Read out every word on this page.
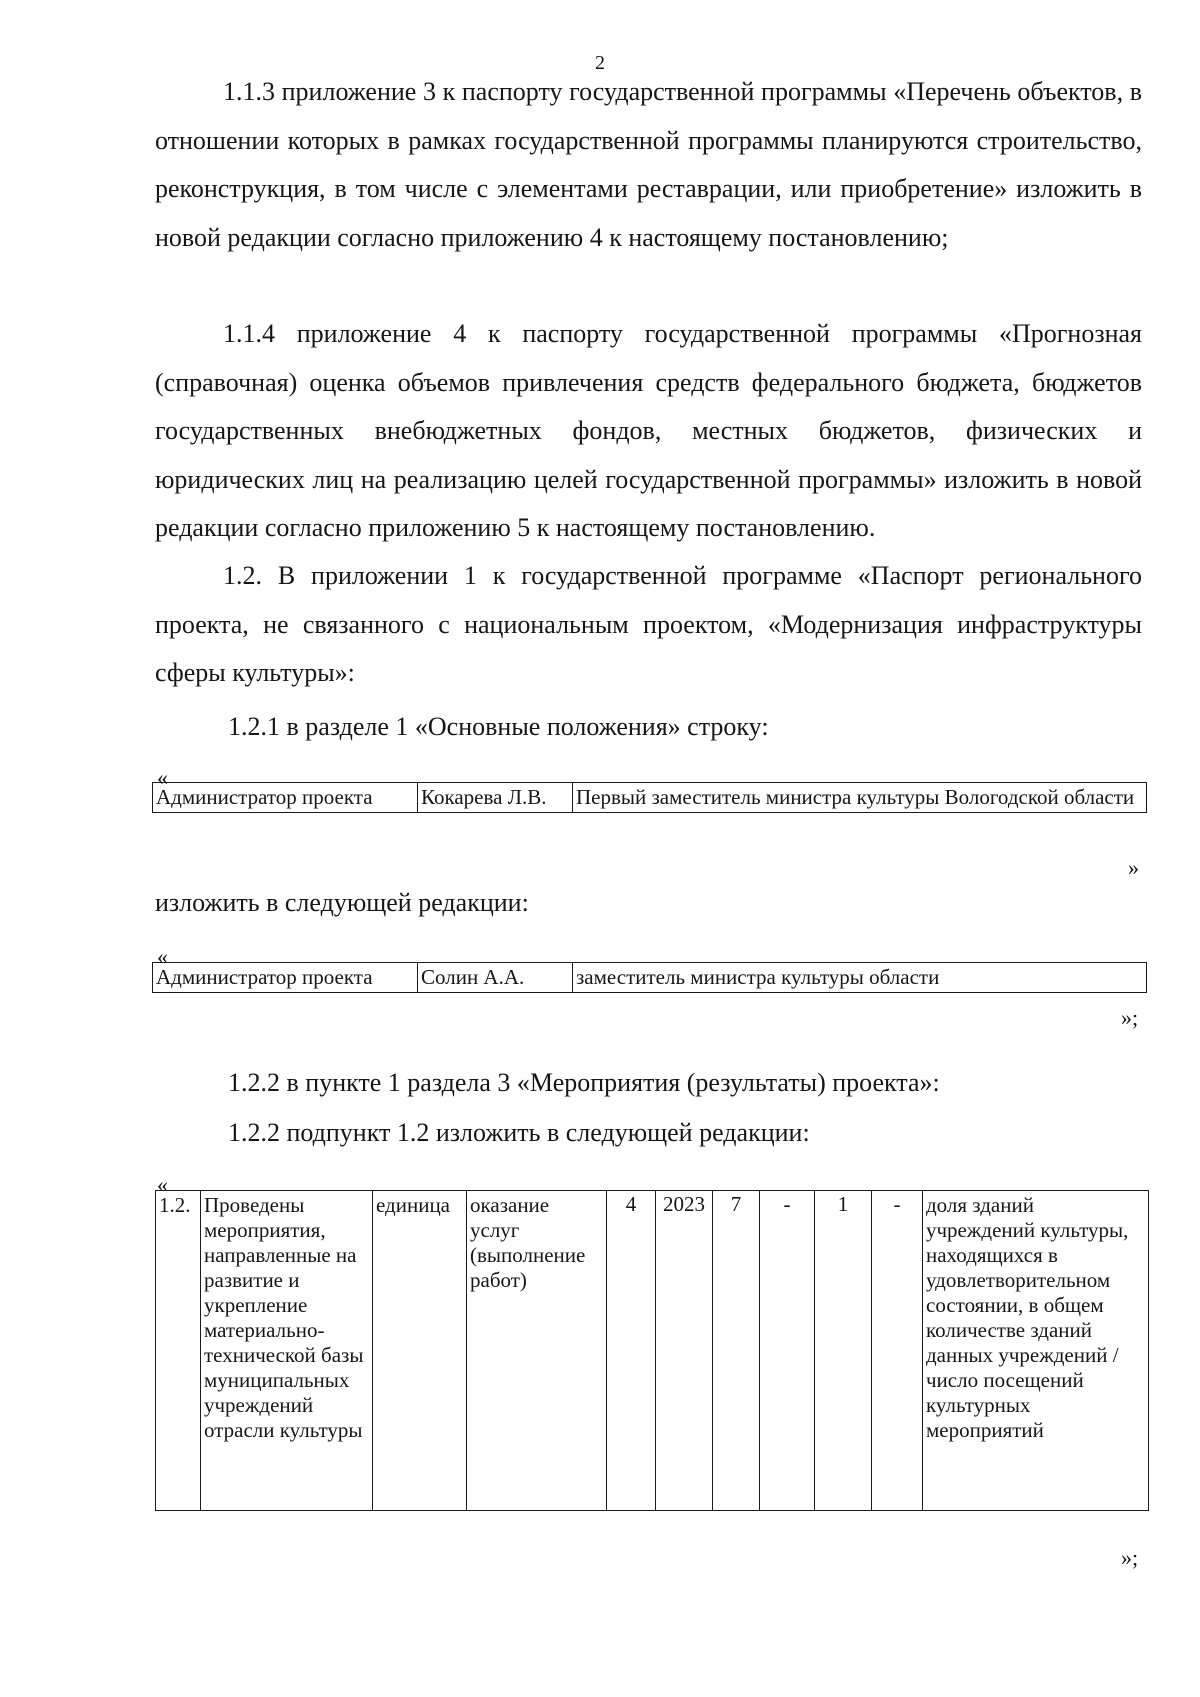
2

1.1.3 приложение 3 к паспорту государственной программы «Перечень объектов, в отношении которых в рамках государственной программы планируются строительство, реконструкция, в том числе с элементами реставрации, или приобретение» изложить в новой редакции согласно приложению 4 к настоящему постановлению;

1.1.4 приложение 4 к паспорту государственной программы «Прогнозная (справочная) оценка объемов привлечения средств федерального бюджета, бюджетов государственных внебюджетных фондов, местных бюджетов, физических и юридических лиц на реализацию целей государственной программы» изложить в новой редакции согласно приложению 5 к настоящему постановлению.

1.2. В приложении 1 к государственной программе «Паспорт регионального проекта, не связанного с национальным проектом, «Модернизация инфраструктуры сферы культуры»:

1.2.1 в разделе 1 «Основные положения» строку:
«
Администратор проекта	Кокарева Л.В.	Первый заместитель министра культуры Вологодской области
»
изложить в следующей редакции:
«
Администратор проекта	Солин А.А.	заместитель министра культуры области
»;
1.2.2 в пункте 1 раздела 3 «Мероприятия (результаты) проекта»:
1.2.2 подпункт 1.2 изложить в следующей редакции:
«
1.2.	Проведены мероприятия, направленные на развитие и укрепление материально-технической базы муниципальных учреждений отрасли культуры	единица	оказание услуг (выполнение работ)	4	2023	7	-	1	-	доля зданий учреждений культуры, находящихся в удовлетворительном состоянии, в общем количестве зданий данных учреждений / число посещений культурных мероприятий
»;
